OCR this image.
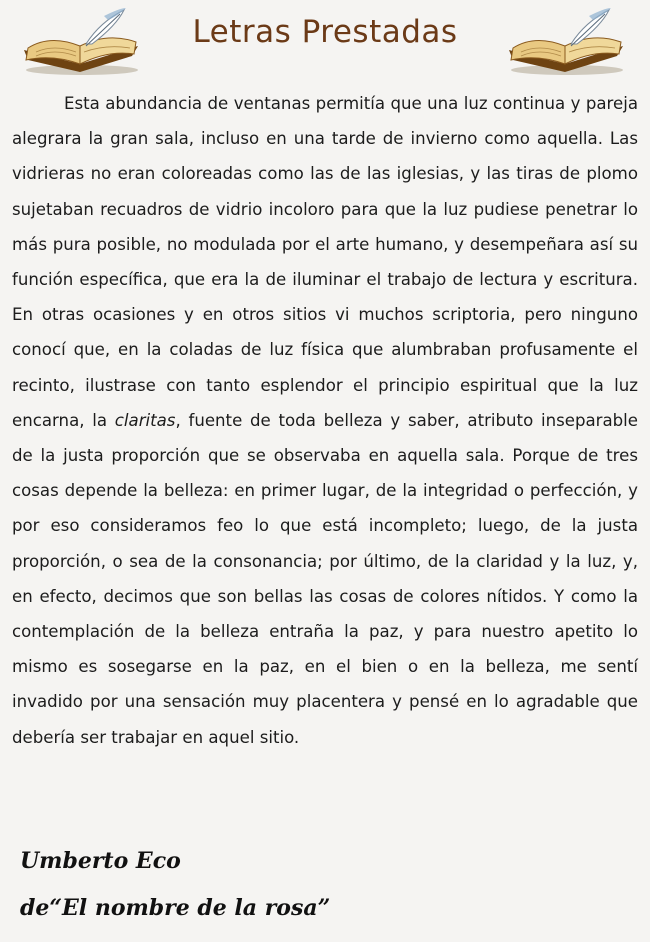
Letras Prestadas

Esta abundancia de ventanas permitía que una luz continua y pareja alegrara la gran sala, incluso en una tarde de invierno como aquella. Las vidrieras no eran coloreadas como las de las iglesias, y las tiras de plomo sujetaban recuadros de vidrio incoloro para que la luz pudiese penetrar lo más pura posible, no modulada por el arte humano, y desempeñara así su función específica, que era la de iluminar el trabajo de lectura y escritura. En otras ocasiones y en otros sitios vi muchos scriptoria, pero ninguno conocí que, en la coladas de luz física que alumbraban profusamente el recinto, ilustrase con tanto esplendor el principio espiritual que la luz encarna, la claritas, fuente de toda belleza y saber, atributo inseparable de la justa proporción que se observaba en aquella sala. Porque de tres cosas depende la belleza: en primer lugar, de la integridad o perfección, y por eso consideramos feo lo que está incompleto; luego, de la justa proporción, o sea de la consonancia; por último, de la claridad y la luz, y, en efecto, decimos que son bellas las cosas de colores nítidos. Y como la contemplación de la belleza entraña la paz, y para nuestro apetito lo mismo es sosegarse en la paz, en el bien o en la belleza, me sentí invadido por una sensación muy placentera y pensé en lo agradable que debería ser trabajar en aquel sitio.

Umberto Eco
de“El nombre de la rosa”
